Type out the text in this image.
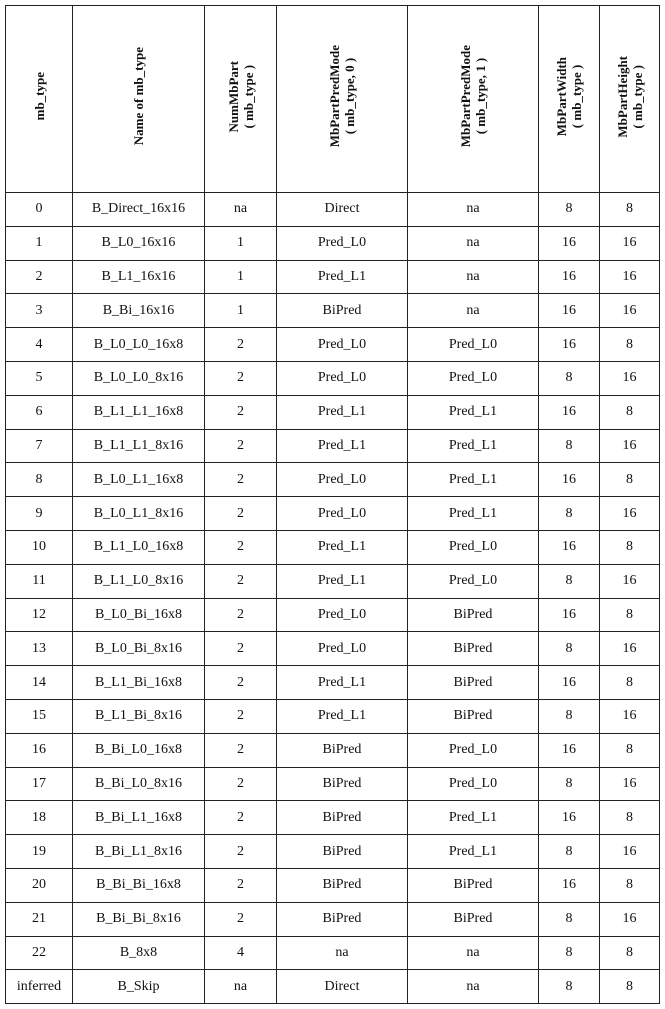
mb_type	Name of mb_type	NumMbPart ( mb_type )	MbPartPredMode ( mb_type, 0 )	MbPartPredMode ( mb_type, 1 )	MbPartWidth ( mb_type )	MbPartHeight ( mb_type )

0	B_Direct_16x16	na	Direct	na	8	8
1	B_L0_16x16	1	Pred_L0	na	16	16
2	B_L1_16x16	1	Pred_L1	na	16	16
3	B_Bi_16x16	1	BiPred	na	16	16
4	B_L0_L0_16x8	2	Pred_L0	Pred_L0	16	8
5	B_L0_L0_8x16	2	Pred_L0	Pred_L0	8	16
6	B_L1_L1_16x8	2	Pred_L1	Pred_L1	16	8
7	B_L1_L1_8x16	2	Pred_L1	Pred_L1	8	16
8	B_L0_L1_16x8	2	Pred_L0	Pred_L1	16	8
9	B_L0_L1_8x16	2	Pred_L0	Pred_L1	8	16
10	B_L1_L0_16x8	2	Pred_L1	Pred_L0	16	8
11	B_L1_L0_8x16	2	Pred_L1	Pred_L0	8	16
12	B_L0_Bi_16x8	2	Pred_L0	BiPred	16	8
13	B_L0_Bi_8x16	2	Pred_L0	BiPred	8	16
14	B_L1_Bi_16x8	2	Pred_L1	BiPred	16	8
15	B_L1_Bi_8x16	2	Pred_L1	BiPred	8	16
16	B_Bi_L0_16x8	2	BiPred	Pred_L0	16	8
17	B_Bi_L0_8x16	2	BiPred	Pred_L0	8	16
18	B_Bi_L1_16x8	2	BiPred	Pred_L1	16	8
19	B_Bi_L1_8x16	2	BiPred	Pred_L1	8	16
20	B_Bi_Bi_16x8	2	BiPred	BiPred	16	8
21	B_Bi_Bi_8x16	2	BiPred	BiPred	8	16
22	B_8x8	4	na	na	8	8
inferred	B_Skip	na	Direct	na	8	8
